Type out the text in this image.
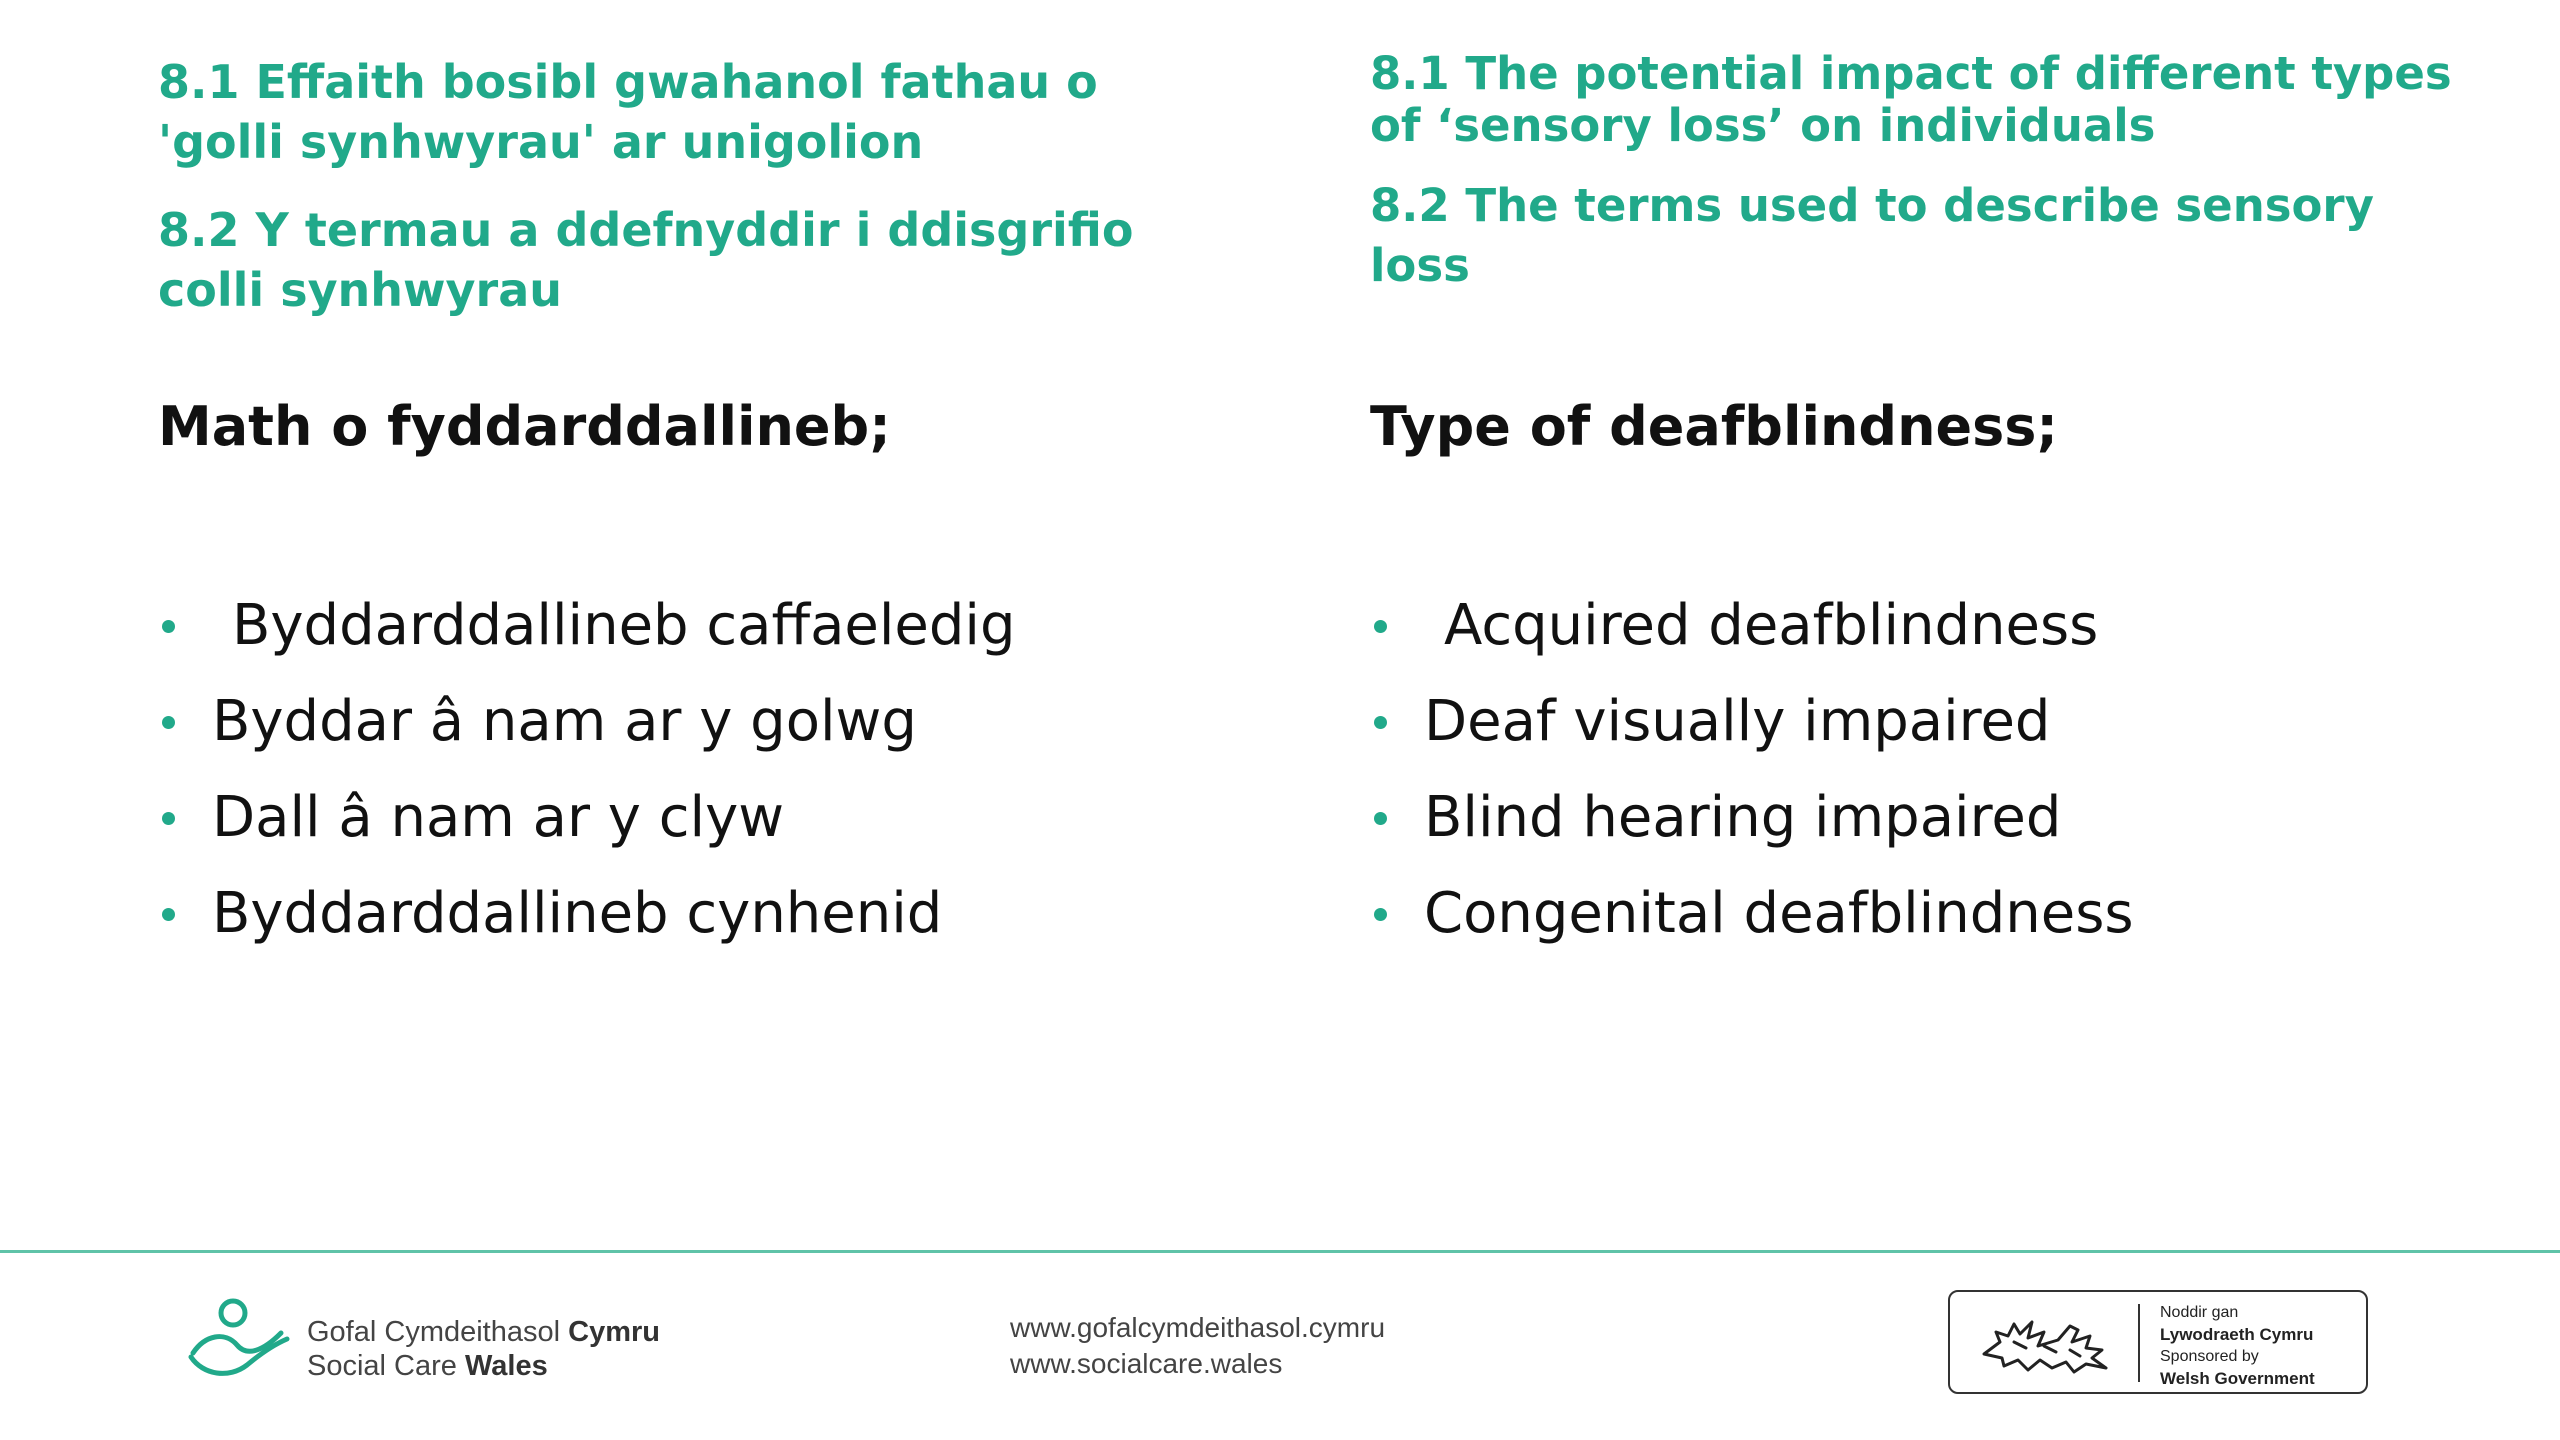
8.1 Effaith bosibl gwahanol fathau o 'golli synhwyrau' ar unigolion

8.2 Y termau a ddefnyddir i ddisgrifio colli synhwyrau

Math o fyddarddallineb;
Byddarddallineb caffaeledig
Byddar â nam ar y golwg
Dall â nam ar y clyw
Byddarddallineb cynhenid

8.1 The potential impact of different types of ‘sensory loss’ on individuals

8.2 The terms used to describe sensory loss

Type of deafblindness;
Acquired deafblindness
Deaf visually impaired
Blind hearing impaired
Congenital deafblindness
Gofal Cymdeithasol Cymru
Social Care Wales
www.gofalcymdeithasol.cymru
www.socialcare.wales
Noddir gan
Lywodraeth Cymru
Sponsored by
Welsh Government
